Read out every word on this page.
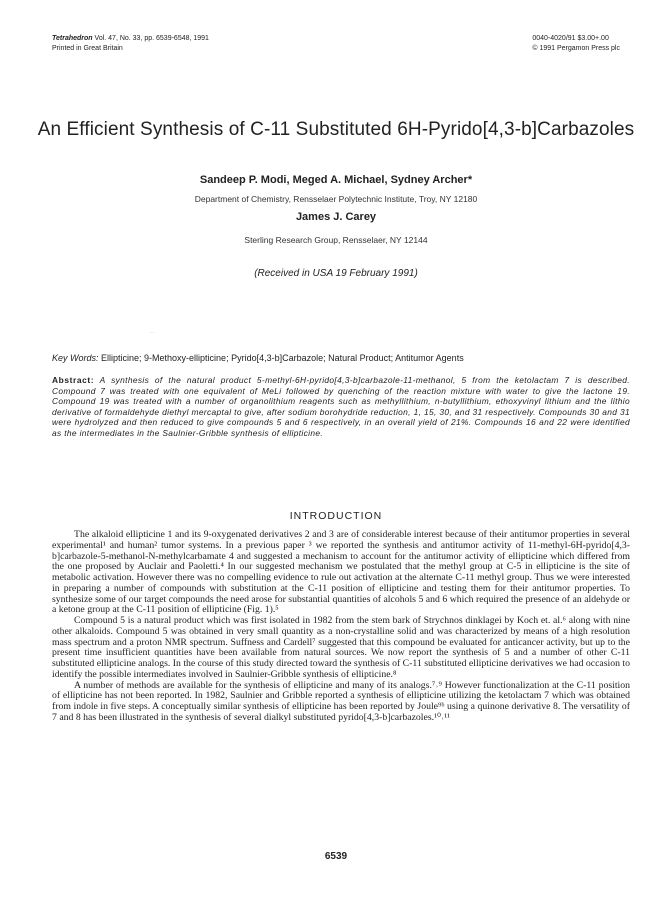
Tetrahedron Vol. 47, No. 33, pp. 6539-6548, 1991
Printed in Great Britain
0040-4020/91 $3.00+.00
© 1991 Pergamon Press plc
An Efficient Synthesis of C-11 Substituted 6H-Pyrido[4,3-b]Carbazoles
Sandeep P. Modi, Meged A. Michael, Sydney Archer*
Department of Chemistry, Rensselaer Polytechnic Institute, Troy, NY 12180
James J. Carey
Sterling Research Group, Rensselaer, NY 12144
(Received in USA 19 February 1991)
. .
Key Words: Ellipticine; 9-Methoxy-ellipticine; Pyrido[4,3-b]Carbazole; Natural Product; Antitumor Agents
Abstract: A synthesis of the natural product 5-methyl-6H-pyrido[4,3-b]carbazole-11-methanol, 5 from the ketolactam 7 is described. Compound 7 was treated with one equivalent of MeLi followed by quenching of the reaction mixture with water to give the lactone 19. Compound 19 was treated with a number of organolithium reagents such as methyllithium, n-butyllithium, ethoxyvinyl lithium and the lithio derivative of formaldehyde diethyl mercaptal to give, after sodium borohydride reduction, 1, 15, 30, and 31 respectively. Compounds 30 and 31 were hydrolyzed and then reduced to give compounds 5 and 6 respectively, in an overall yield of 21%. Compounds 16 and 22 were identified as the intermediates in the Saulnier-Gribble synthesis of ellipticine.
INTRODUCTION

The alkaloid ellipticine 1 and its 9-oxygenated derivatives 2 and 3 are of considerable interest because of their antitumor properties in several experimental¹ and human² tumor systems. In a previous paper ³ we reported the synthesis and antitumor activity of 11-methyl-6H-pyrido[4,3-b]carbazole-5-methanol-N-methylcarbamate 4 and suggested a mechanism to account for the antitumor activity of ellipticine which differed from the one proposed by Auclair and Paoletti.⁴ In our suggested mechanism we postulated that the methyl group at C-5 in ellipticine is the site of metabolic activation. However there was no compelling evidence to rule out activation at the alternate C-11 methyl group. Thus we were interested in preparing a number of compounds with substitution at the C-11 position of ellipticine and testing them for their antitumor properties. To synthesize some of our target compounds the need arose for substantial quantities of alcohols 5 and 6 which required the presence of an aldehyde or a ketone group at the C-11 position of ellipticine (Fig. 1).⁵

Compound 5 is a natural product which was first isolated in 1982 from the stem bark of Strychnos dinklagei by Koch et. al.⁶ along with nine other alkaloids. Compound 5 was obtained in very small quantity as a non-crystalline solid and was characterized by means of a high resolution mass spectrum and a proton NMR spectrum. Suffness and Cardell⁷ suggested that this compound be evaluated for anticancer activity, but up to the present time insufficient quantities have been available from natural sources. We now report the synthesis of 5 and a number of other C-11 substituted ellipticine analogs. In the course of this study directed toward the synthesis of C-11 substituted ellipticine derivatives we had occasion to identify the possible intermediates involved in Saulnier-Gribble synthesis of ellipticine.⁸

A number of methods are available for the synthesis of ellipticine and many of its analogs.⁷˒⁹ However functionalization at the C-11 position of ellipticine has not been reported. In 1982, Saulnier and Gribble reported a synthesis of ellipticine utilizing the ketolactam 7 which was obtained from indole in five steps. A conceptually similar synthesis of ellipticine has been reported by Joule⁹ᵇ using a quinone derivative 8. The versatility of 7 and 8 has been illustrated in the synthesis of several dialkyl substituted pyrido[4,3-b]carbazoles.¹⁰˒¹¹

6539
